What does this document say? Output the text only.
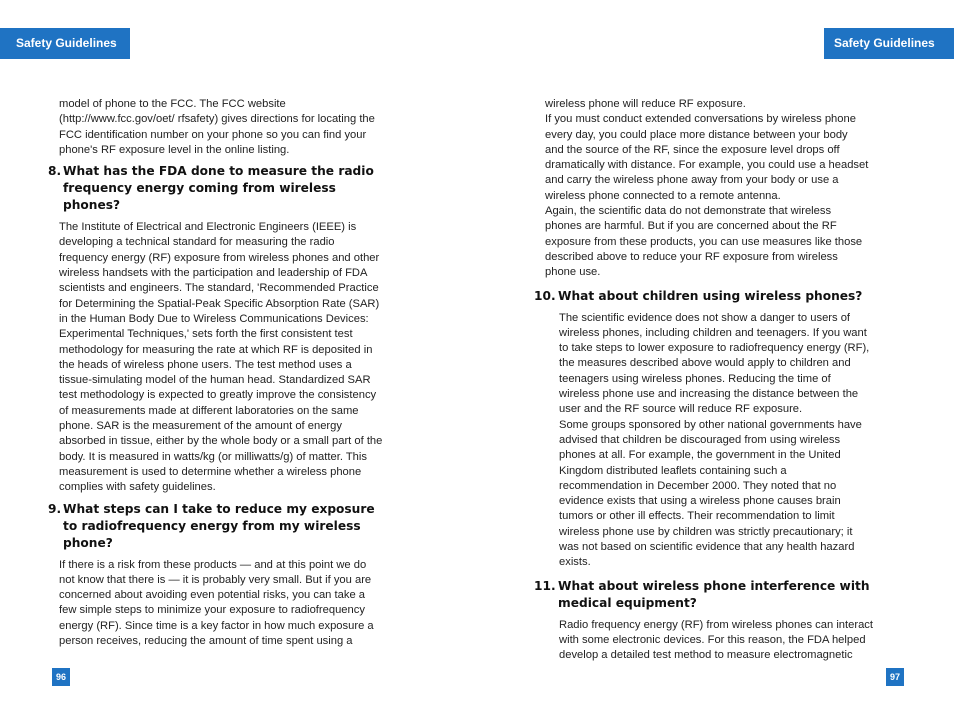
Safety Guidelines	Safety Guidelines

model of phone to the FCC. The FCC website
(http://www.fcc.gov/oet/ rfsafety) gives directions for locating the
FCC identification number on your phone so you can find your
phone's RF exposure level in the online listing.

8. What has the FDA done to measure the radio
frequency energy coming from wireless
phones?

The Institute of Electrical and Electronic Engineers (IEEE) is
developing a technical standard for measuring the radio
frequency energy (RF) exposure from wireless phones and other
wireless handsets with the participation and leadership of FDA
scientists and engineers. The standard, 'Recommended Practice
for Determining the Spatial-Peak Specific Absorption Rate (SAR)
in the Human Body Due to Wireless Communications Devices:
Experimental Techniques,' sets forth the first consistent test
methodology for measuring the rate at which RF is deposited in
the heads of wireless phone users. The test method uses a
tissue-simulating model of the human head. Standardized SAR
test methodology is expected to greatly improve the consistency
of measurements made at different laboratories on the same
phone. SAR is the measurement of the amount of energy
absorbed in tissue, either by the whole body or a small part of the
body. It is measured in watts/kg (or milliwatts/g) of matter. This
measurement is used to determine whether a wireless phone
complies with safety guidelines.

9. What steps can I take to reduce my exposure
to radiofrequency energy from my wireless
phone?

If there is a risk from these products — and at this point we do
not know that there is — it is probably very small. But if you are
concerned about avoiding even potential risks, you can take a
few simple steps to minimize your exposure to radiofrequency
energy (RF). Since time is a key factor in how much exposure a
person receives, reducing the amount of time spent using a

wireless phone will reduce RF exposure.
If you must conduct extended conversations by wireless phone
every day, you could place more distance between your body
and the source of the RF, since the exposure level drops off
dramatically with distance. For example, you could use a headset
and carry the wireless phone away from your body or use a
wireless phone connected to a remote antenna.
Again, the scientific data do not demonstrate that wireless
phones are harmful. But if you are concerned about the RF
exposure from these products, you can use measures like those
described above to reduce your RF exposure from wireless
phone use.

10. What about children using wireless phones?

The scientific evidence does not show a danger to users of
wireless phones, including children and teenagers. If you want
to take steps to lower exposure to radiofrequency energy (RF),
the measures described above would apply to children and
teenagers using wireless phones. Reducing the time of
wireless phone use and increasing the distance between the
user and the RF source will reduce RF exposure.
Some groups sponsored by other national governments have
advised that children be discouraged from using wireless
phones at all. For example, the government in the United
Kingdom distributed leaflets containing such a
recommendation in December 2000. They noted that no
evidence exists that using a wireless phone causes brain
tumors or other ill effects. Their recommendation to limit
wireless phone use by children was strictly precautionary; it
was not based on scientific evidence that any health hazard
exists.

11. What about wireless phone interference with
medical equipment?

Radio frequency energy (RF) from wireless phones can interact
with some electronic devices. For this reason, the FDA helped
develop a detailed test method to measure electromagnetic

96	97
